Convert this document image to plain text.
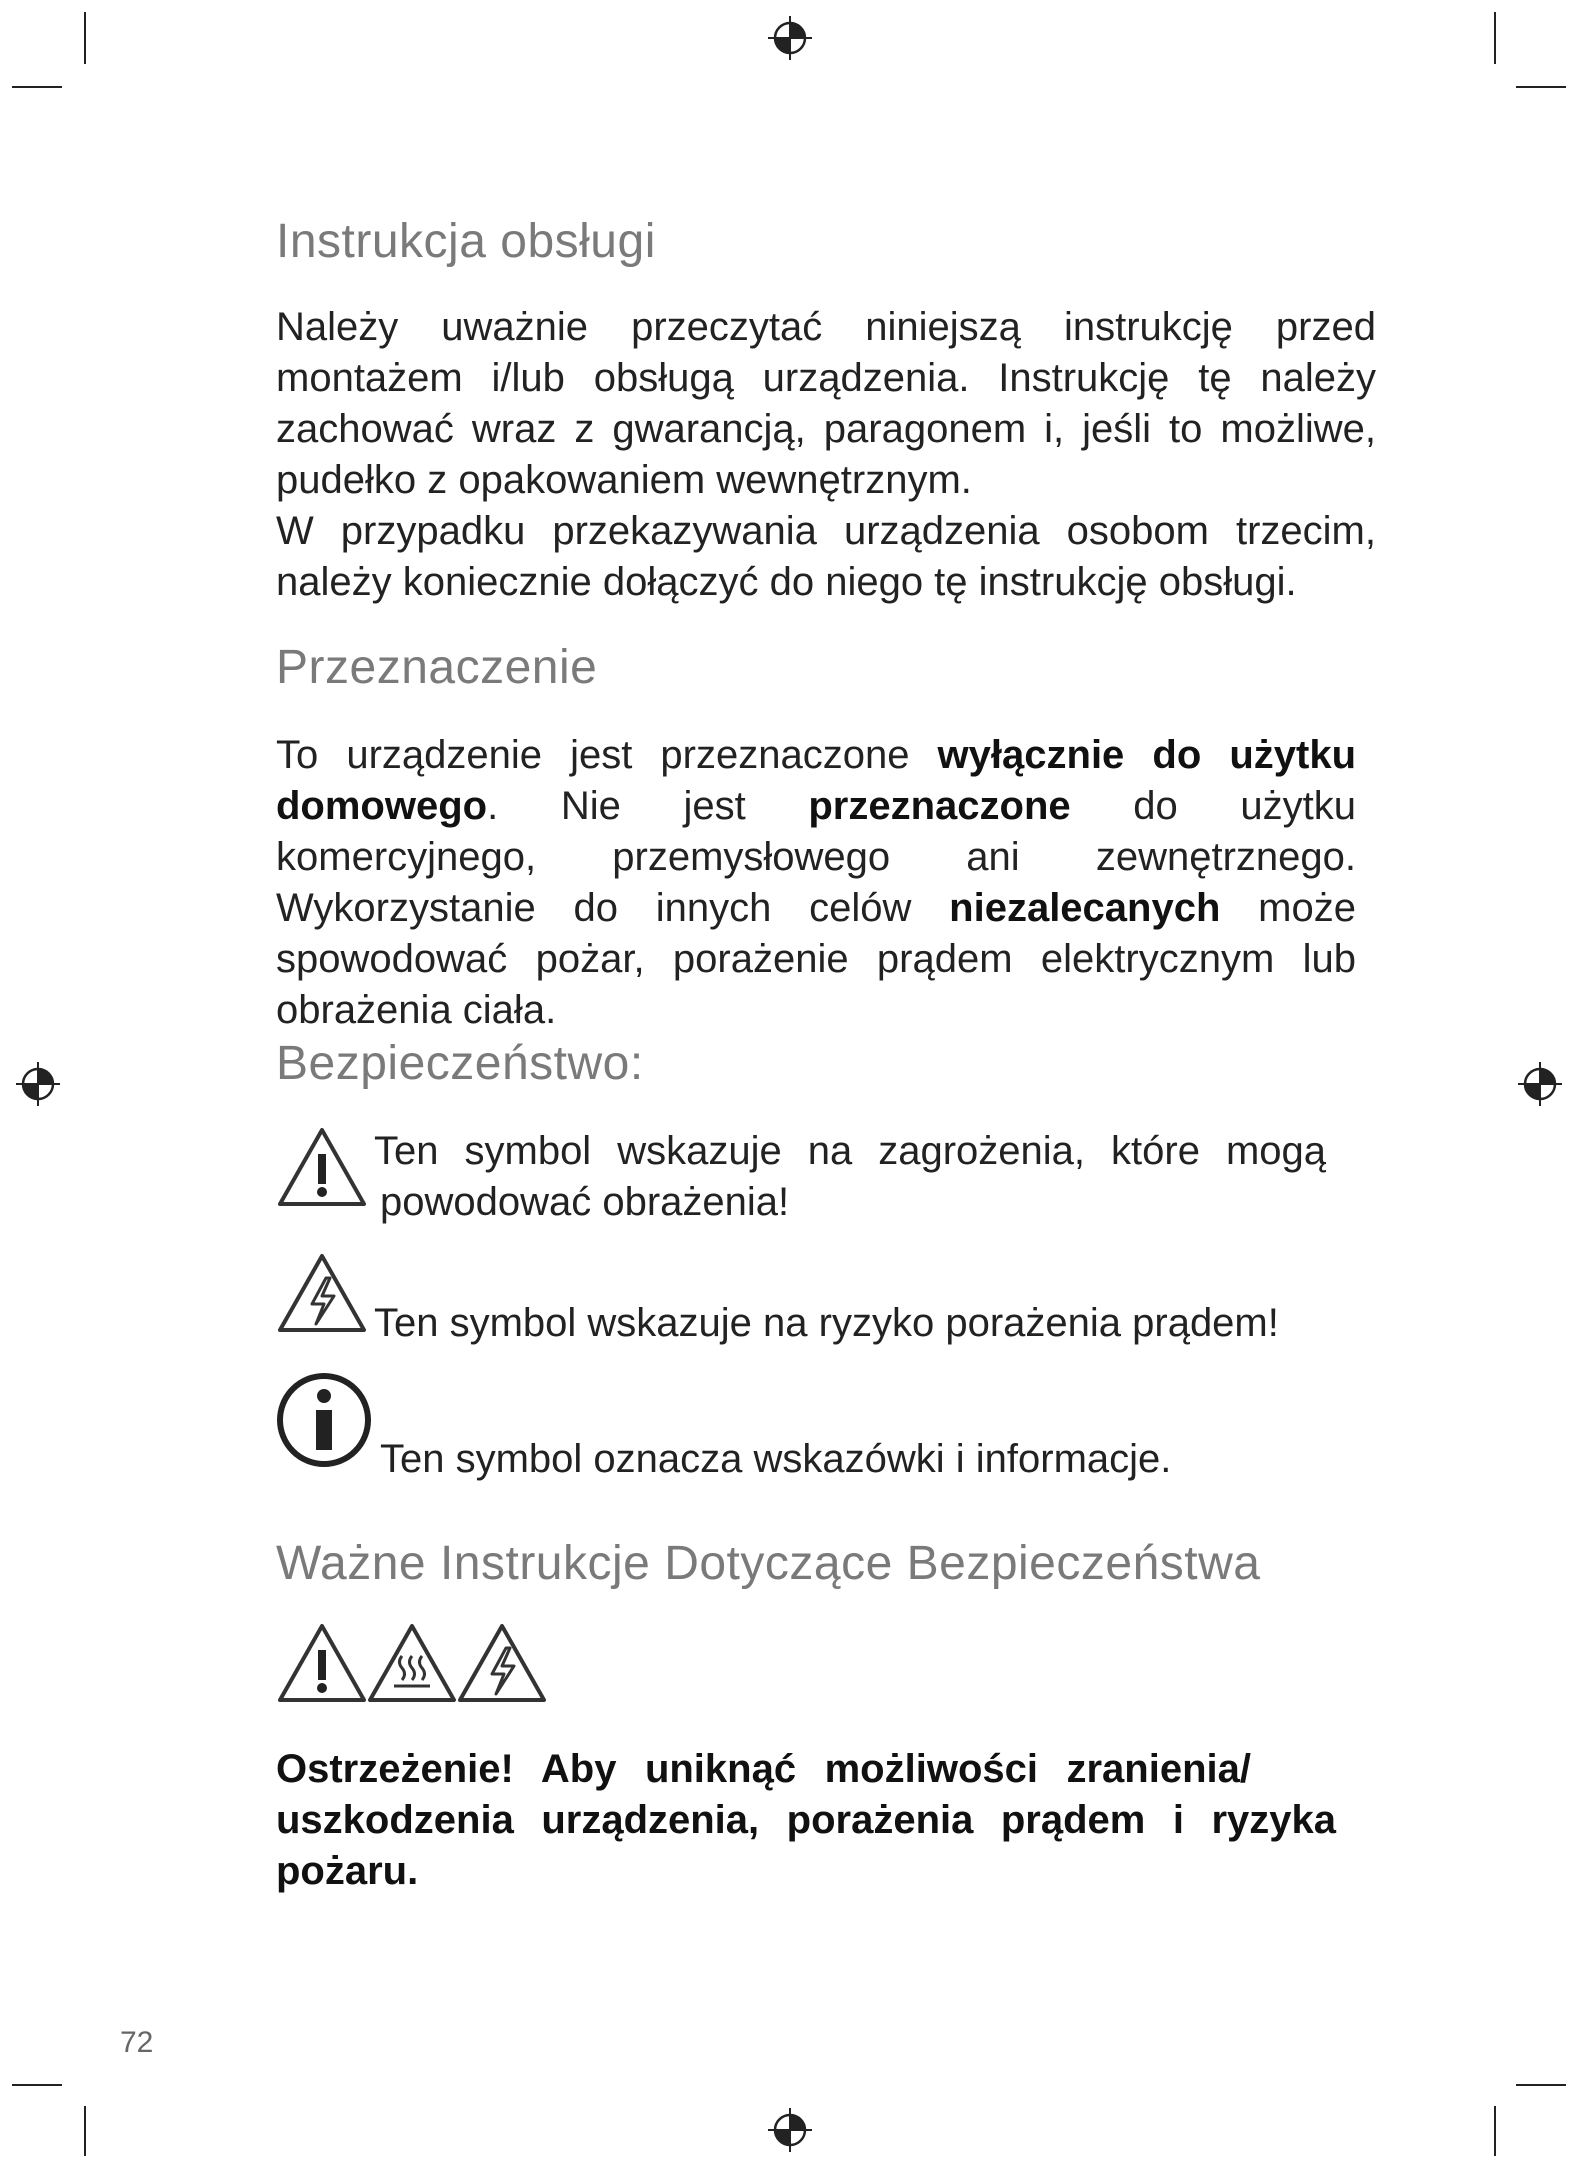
Instrukcja obsługi
Należy uważnie przeczytać niniejszą instrukcję przed
montażem i/lub obsługą urządzenia. Instrukcję tę należy
zachować wraz z gwarancją, paragonem i, jeśli to możliwe,
pudełko z opakowaniem wewnętrznym.
W przypadku przekazywania urządzenia osobom trzecim,
należy koniecznie dołączyć do niego tę instrukcję obsługi.
Przeznaczenie

To urządzenie jest przeznaczone wyłącznie do użytku domowego. Nie jest przeznaczone do użytku komercyjnego, przemysłowego ani zewnętrznego. Wykorzystanie do innych celów niezalecanych może spowodować pożar, porażenie prądem elektrycznym lub obrażenia ciała.

Bezpieczeństwo:
Ten symbol wskazuje na zagrożenia, które mogą
powodować obrażenia!
Ten symbol wskazuje na ryzyko porażenia prądem!
Ten symbol oznacza wskazówki i informacje.
Ważne Instrukcje Dotyczące Bezpieczeństwa
Ostrzeżenie! Aby uniknąć możliwości zranienia/
uszkodzenia urządzenia, porażenia prądem i ryzyka
pożaru.
72
